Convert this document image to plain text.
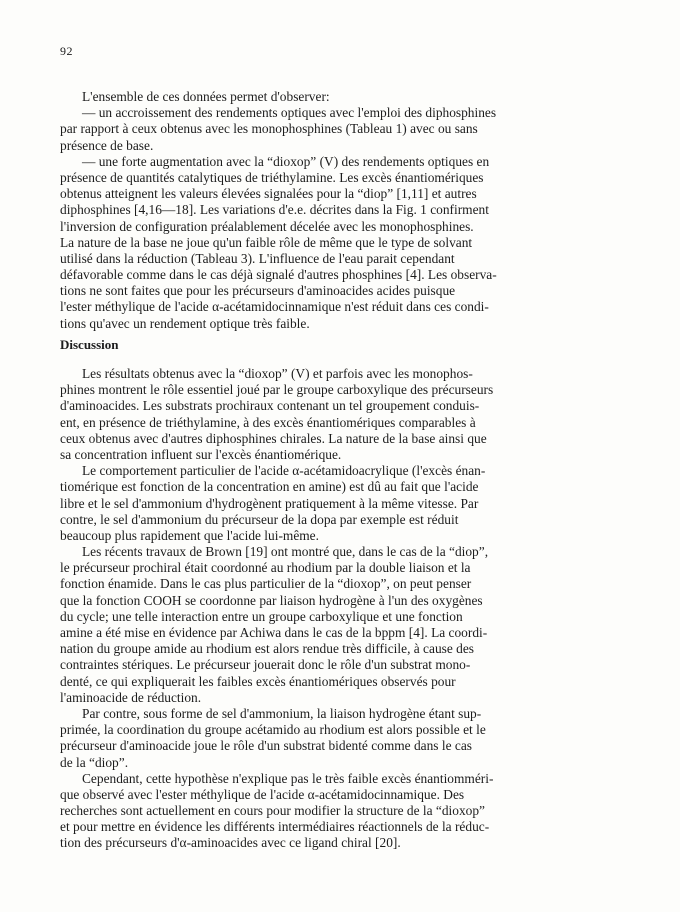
92
L'ensemble de ces données permet d'observer:
— un accroissement des rendements optiques avec l'emploi des diphosphines
par rapport à ceux obtenus avec les monophosphines (Tableau 1) avec ou sans
présence de base.
— une forte augmentation avec la “dioxop” (V) des rendements optiques en
présence de quantités catalytiques de triéthylamine. Les excès énantiomériques
obtenus atteignent les valeurs élevées signalées pour la “diop” [1,11] et autres
diphosphines [4,16—18]. Les variations d'e.e. décrites dans la Fig. 1 confirment
l'inversion de configuration préalablement décelée avec les monophosphines.
La nature de la base ne joue qu'un faible rôle de même que le type de solvant
utilisé dans la réduction (Tableau 3). L'influence de l'eau parait cependant
défavorable comme dans le cas déjà signalé d'autres phosphines [4]. Les observa-
tions ne sont faites que pour les précurseurs d'aminoacides acides puisque
l'ester méthylique de l'acide α-acétamidocinnamique n'est réduit dans ces condi-
tions qu'avec un rendement optique très faible.
Discussion
Les résultats obtenus avec la “dioxop” (V) et parfois avec les monophos-
phines montrent le rôle essentiel joué par le groupe carboxylique des précurseurs
d'aminoacides. Les substrats prochiraux contenant un tel groupement conduis-
ent, en présence de triéthylamine, à des excès énantiomériques comparables à
ceux obtenus avec d'autres diphosphines chirales. La nature de la base ainsi que
sa concentration influent sur l'excès énantiomérique.
Le comportement particulier de l'acide α-acétamidoacrylique (l'excès énan-
tiomérique est fonction de la concentration en amine) est dû au fait que l'acide
libre et le sel d'ammonium d'hydrogènent pratiquement à la même vitesse. Par
contre, le sel d'ammonium du précurseur de la dopa par exemple est réduit
beaucoup plus rapidement que l'acide lui-même.
Les récents travaux de Brown [19] ont montré que, dans le cas de la “diop”,
le précurseur prochiral était coordonné au rhodium par la double liaison et la
fonction énamide. Dans le cas plus particulier de la “dioxop”, on peut penser
que la fonction COOH se coordonne par liaison hydrogène à l'un des oxygènes
du cycle; une telle interaction entre un groupe carboxylique et une fonction
amine a été mise en évidence par Achiwa dans le cas de la bppm [4]. La coordi-
nation du groupe amide au rhodium est alors rendue très difficile, à cause des
contraintes stériques. Le précurseur jouerait donc le rôle d'un substrat mono-
denté, ce qui expliquerait les faibles excès énantiomériques observés pour
l'aminoacide de réduction.
Par contre, sous forme de sel d'ammonium, la liaison hydrogène étant sup-
primée, la coordination du groupe acétamido au rhodium est alors possible et le
précurseur d'aminoacide joue le rôle d'un substrat bidenté comme dans le cas
de la “diop”.
Cependant, cette hypothèse n'explique pas le très faible excès énantiomméri-
que observé avec l'ester méthylique de l'acide α-acétamidocinnamique. Des
recherches sont actuellement en cours pour modifier la structure de la “dioxop”
et pour mettre en évidence les différents intermédiaires réactionnels de la réduc-
tion des précurseurs d'α-aminoacides avec ce ligand chiral [20].
